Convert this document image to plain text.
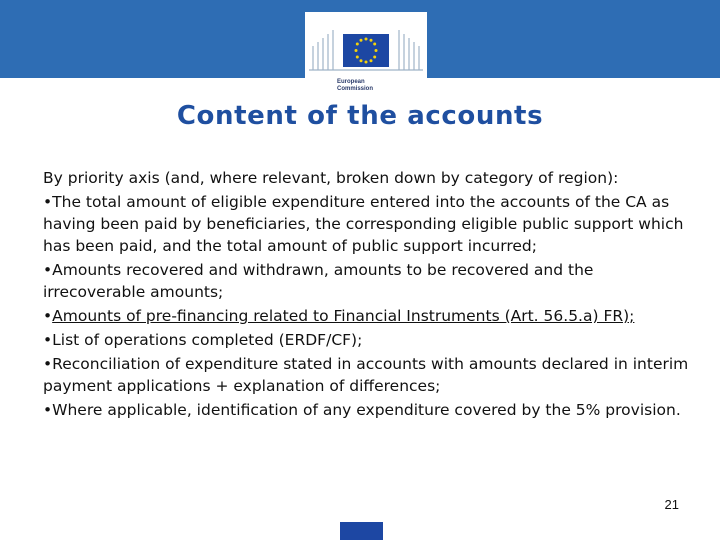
European
Commission
Content of the accounts

By priority axis (and, where relevant, broken down by category of region):

•The total amount of eligible expenditure entered into the accounts of the CA as having been paid by beneficiaries, the corresponding eligible public support which has been paid, and the total amount of public support incurred;

•Amounts recovered and withdrawn, amounts to be recovered and the irrecoverable amounts;

•Amounts of pre-financing related to Financial Instruments (Art. 56.5.a) FR);

•List of operations completed (ERDF/CF);

•Reconciliation of expenditure stated in accounts with amounts declared in interim payment applications + explanation of differences;

•Where applicable, identification of any expenditure covered by the 5% provision.

21
